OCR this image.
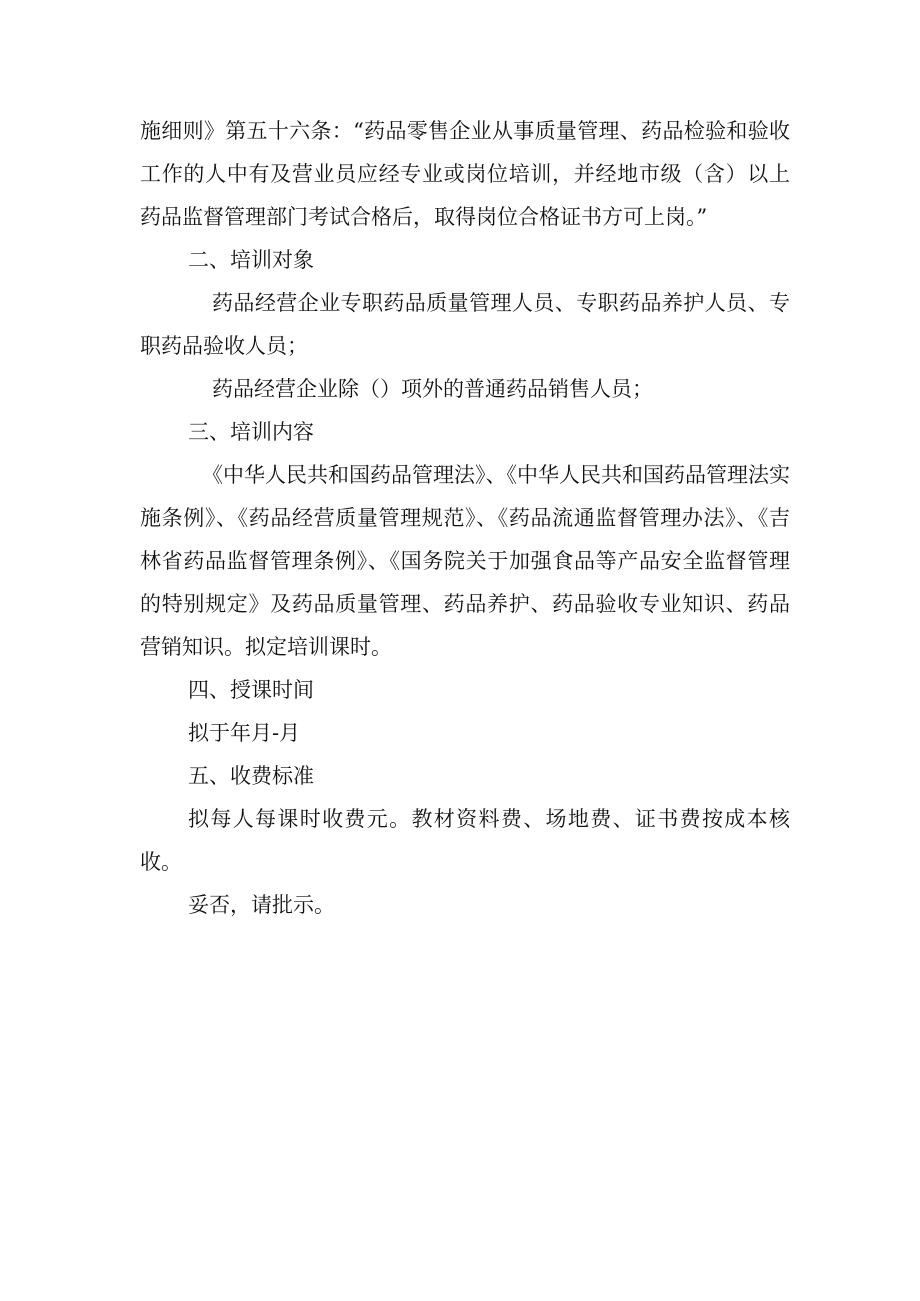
施细则》第五十六条：“药品零售企业从事质量管理、药品检验和验收工作的人中有及营业员应经专业或岗位培训，并经地市级（含）以上药品监督管理部门考试合格后，取得岗位合格证书方可上岗。”

二、培训对象

药品经营企业专职药品质量管理人员、专职药品养护人员、专职药品验收人员；

药品经营企业除（）项外的普通药品销售人员；

三、培训内容

《中华人民共和国药品管理法》、《中华人民共和国药品管理法实施条例》、《药品经营质量管理规范》、《药品流通监督管理办法》、《吉林省药品监督管理条例》、《国务院关于加强食品等产品安全监督管理的特别规定》及药品质量管理、药品养护、药品验收专业知识、药品营销知识。拟定培训课时。

四、授课时间

拟于年月-月

五、收费标准

拟每人每课时收费元。教材资料费、场地费、证书费按成本核收。

妥否，请批示。
